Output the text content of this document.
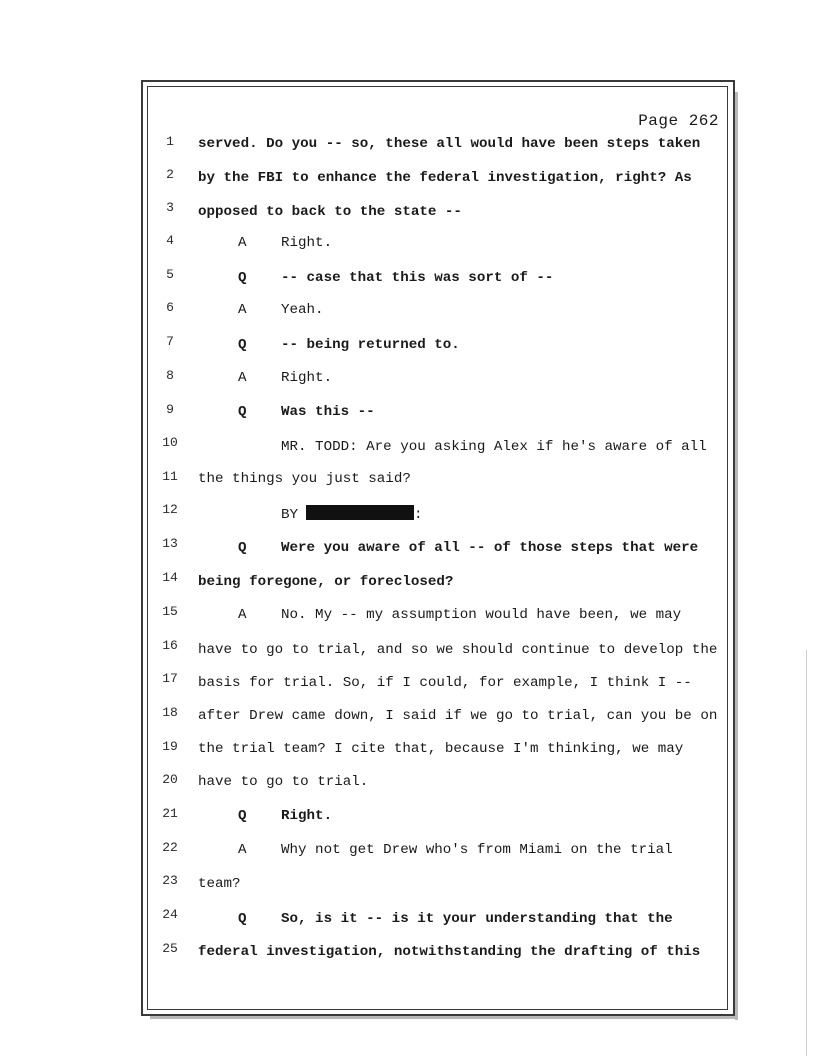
Page 262
1
2
3
4
5
6
7
8
9
10
11
12
13
14
15
16
17
18
19
20
21
22
23
24
25
served. Do you -- so, these all would have been steps taken
by the FBI to enhance the federal investigation, right? As
opposed to back to the state --
A Right.
Q -- case that this was sort of --
A Yeah.
Q -- being returned to.
A Right.
Q Was this --
MR. TODD: Are you asking Alex if he's aware of all
the things you just said?
BY	:
Q Were you aware of all -- of those steps that were
being foregone, or foreclosed?
A No. My -- my assumption would have been, we may
have to go to trial, and so we should continue to develop the
basis for trial. So, if I could, for example, I think I --
after Drew came down, I said if we go to trial, can you be on
the trial team? I cite that, because I'm thinking, we may
have to go to trial.
Q Right.
A Why not get Drew who's from Miami on the trial
team?
Q So, is it -- is it your understanding that the
federal investigation, notwithstanding the drafting of this
